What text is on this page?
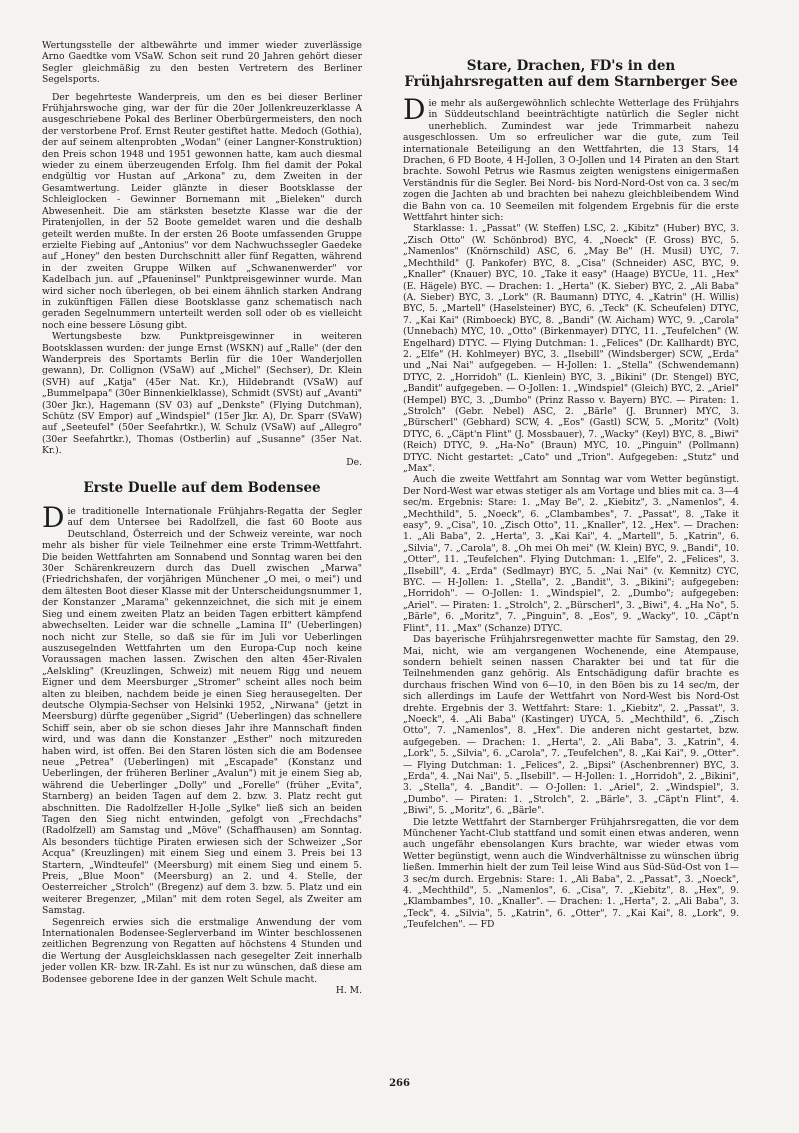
Wertungsstelle der altbewährte und immer wieder zuverlässige Arno Gaedtke vom VSaW. Schon seit rund 20 Jahren gehört dieser Segler gleichmäßig zu den besten Vertretern des Berliner Segelsports.

Der begehrteste Wanderpreis, um den es bei dieser Berliner Frühjahrswoche ging, war der für die 20er Jollenkreuzerklasse A ausgeschriebene Pokal des Berliner Oberbürgermeisters, den noch der verstorbene Prof. Ernst Reuter gestiftet hatte. Medoch (Gothia), der auf seinem altenprobten „Wodan" (einer Langner-Konstruktion) den Preis schon 1948 und 1951 gewonnen hatte, kam auch diesmal wieder zu einem überzeugenden Erfolg. Ihm fiel damit der Pokal endgültig vor Hustan auf „Arkona" zu, dem Zweiten in der Gesamtwertung. Leider glänzte in dieser Bootsklasse der Schleiglocken - Gewinner Bornemann mit „Bieleken" durch Abwesenheit. Die am stärksten besetzte Klasse war die der Piratenjollen, in der 52 Boote gemeldet waren und die deshalb geteilt werden mußte. In der ersten 26 Boote umfassenden Gruppe erzielte Fiebing auf „Antonius" vor dem Nachwuchssegler Gaedeke auf „Honey" den besten Durchschnitt aller fünf Regatten, während in der zweiten Gruppe Wilken auf „Schwanenwerder" vor Kadelbach jun. auf „Pfaueninsel" Punktpreisgewinner wurde. Man wird sicher noch überlegen, ob bei einem ähnlich starken Andrang in zukünftigen Fällen diese Bootsklasse ganz schematisch nach geraden Segelnummern unterteilt werden soll oder ob es vielleicht noch eine bessere Lösung gibt.

Wertungsbeste bzw. Punktpreisgewinner in weiteren Bootsklassen wurden: der junge Ernst (WSKN) auf „Ralle" (der den Wanderpreis des Sportamts Berlin für die 10er Wanderjollen gewann), Dr. Collignon (VSaW) auf „Michel" (Sechser), Dr. Klein (SVH) auf „Katja" (45er Nat. Kr.), Hildebrandt (VSaW) auf „Bummelpapa" (30er Binnenkielklasse), Schmidt (SVSt) auf „Avanti" (30er Jkr.), Hagemann (SV 03) auf „Denkste" (Flying Dutchman), Schütz (SV Empor) auf „Windspiel" (15er Jkr. A), Dr. Sparr (SVaW) auf „Seeteufel" (50er Seefahrtkr.), W. Schulz (VSaW) auf „Allegro" (30er Seefahrtkr.), Thomas (Ostberlin) auf „Susanne" (35er Nat. Kr.).

De.
Erste Duelle auf dem Bodensee

Die traditionelle Internationale Frühjahrs-Regatta der Segler auf dem Untersee bei Radolfzell, die fast 60 Boote aus Deutschland, Österreich und der Schweiz vereinte, war noch mehr als bisher für viele Teilnehmer eine erste Trimm-Wettfahrt. Die beiden Wettfahrten am Sonnabend und Sonntag waren bei den 30er Schärenkreuzern durch das Duell zwischen „Marwa" (Friedrichshafen, der vorjährigen Münchener „O mei, o mei") und dem ältesten Boot dieser Klasse mit der Unterscheidungsnummer 1, der Konstanzer „Marama" gekennzeichnet, die sich mit je einem Sieg und einem zweiten Platz an beiden Tagen erbittert kämpfend abwechselten. Leider war die schnelle „Lamina II" (Ueberlingen) noch nicht zur Stelle, so daß sie für im Juli vor Ueberlingen auszusegelnden Wettfahrten um den Europa-Cup noch keine Voraussagen machen lassen. Zwischen den alten 45er-Rivalen „Aelskling" (Kreuzlingen, Schweiz) mit neuem Rigg und neuem Eigner und dem Meersburger „Stromer" scheint alles noch beim alten zu bleiben, nachdem beide je einen Sieg herausegelten. Der deutsche Olympia-Sechser von Helsinki 1952, „Nirwana" (jetzt in Meersburg) dürfte gegenüber „Sigrid" (Ueberlingen) das schnellere Schiff sein, aber ob sie schon dieses Jahr ihre Mannschaft finden wird, und was dann die Konstanzer „Esther" noch mitzureden haben wird, ist offen. Bei den Staren lösten sich die am Bodensee neue „Petrea" (Ueberlingen) mit „Escapade" (Konstanz und Ueberlingen, der früheren Berliner „Avalun") mit je einem Sieg ab, während die Ueberlinger „Dolly" und „Forelle" (früher „Evita", Starnberg) an beiden Tagen auf dem 2. bzw. 3. Platz recht gut abschnitten. Die Radolfzeller H-Jolle „Sylke" ließ sich an beiden Tagen den Sieg nicht entwinden, gefolgt von „Frechdachs" (Radolfzell) am Samstag und „Möve" (Schaffhausen) am Sonntag. Als besonders tüchtige Piraten erwiesen sich der Schweizer „Sor Acqua" (Kreuzlingen) mit einem Sieg und einem 3. Preis bei 13 Startern, „Windteufel" (Meersburg) mit einem Sieg und einem 5. Preis, „Blue Moon" (Meersburg) an 2. und 4. Stelle, der Oesterreicher „Strolch" (Bregenz) auf dem 3. bzw. 5. Platz und ein weiterer Bregenzer, „Milan" mit dem roten Segel, als Zweiter am Samstag.

Segenreich erwies sich die erstmalige Anwendung der vom Internationalen Bodensee-Seglerverband im Winter beschlossenen zeitlichen Begrenzung von Regatten auf höchstens 4 Stunden und die Wertung der Ausgleichsklassen nach gesegelter Zeit innerhalb jeder vollen KR- bzw. IR-Zahl. Es ist nur zu wünschen, daß diese am Bodensee geborene Idee in der ganzen Welt Schule macht.

H. M.
Stare, Drachen, FD's in den Frühjahrsregatten auf dem Starnberger See

Die mehr als außergewöhnlich schlechte Wetterlage des Frühjahrs in Süddeutschland beeinträchtigte natürlich die Segler nicht unerheblich. Zumindest war jede Trimmarbeit nahezu ausgeschlossen. Um so erfreulicher war die gute, zum Teil internationale Beteiligung an den Wettfahrten, die 13 Stars, 14 Drachen, 6 FD Boote, 4 H-Jollen, 3 O-Jollen und 14 Piraten an den Start brachte. Sowohl Petrus wie Rasmus zeigten wenigstens einigermaßen Verständnis für die Segler. Bei Nord- bis Nord-Nord-Ost von ca. 3 sec/m zogen die Jachten ab und brachten bei nahezu gleichbleibendem Wind die Bahn von ca. 10 Seemeilen mit folgendem Ergebnis für die erste Wettfahrt hinter sich:

Starklasse: 1. „Passat" (W. Steffen) LSC, 2. „Kibitz" (Huber) BYC, 3. „Zisch Otto" (W. Schönbrod) BYC, 4. „Noeck" (F. Gross) BYC, 5. „Namenlos" (Knörnschild) ASC, 6. „May Be" (H. Musil) UYC, 7. „Mechthild" (J. Pankofer) BYC, 8. „Cisa" (Schneider) ASC, BYC, 9. „Knaller" (Knauer) BYC, 10. „Take it easy" (Haage) BYCUe, 11. „Hex" (E. Hägele) BYC. — Drachen: 1. „Herta" (K. Sieber) BYC, 2. „Ali Baba" (A. Sieber) BYC, 3. „Lork" (R. Baumann) DTYC, 4. „Katrin" (H. Willis) BYC, 5. „Martell" (Haselsteiner) BYC, 6. „Teck" (K. Scheufelen) DTYC, 7. „Kai Kai" (Rimboeck) BYC, 8. „Bandi" (W. Aicham) WYC, 9. „Carola" (Unnebach) MYC, 10. „Otto" (Birkenmayer) DTYC, 11. „Teufelchen" (W. Engelhard) DTYC. — Flying Dutchman: 1. „Felices" (Dr. Kallhardt) BYC, 2. „Elfe" (H. Kohlmeyer) BYC, 3. „Ilsebill" (Windsberger) SCW, „Erda" und „Nai Nai" aufgegeben. — H-Jollen: 1. „Stella" (Schwendemann) DTYC, 2. „Horridoh" (L. Kienlein) BYC, 3. „Bikini" (Dr. Stengel) BYC, „Bandit" aufgegeben. — O-Jollen: 1. „Windspiel" (Gleich) BYC, 2. „Ariel" (Hempel) BYC, 3. „Dumbo" (Prinz Rasso v. Bayern) BYC. — Piraten: 1. „Strolch" (Gebr. Nebel) ASC, 2. „Bärle" (J. Brunner) MYC, 3. „Bürscherl" (Gebhard) SCW, 4. „Eos" (Gastl) SCW, 5. „Moritz" (Volt) DTYC, 6. „Cäpt'n Flint" (J. Mossbauer), 7. „Wacky" (Keyl) BYC, 8. „Biwi" (Reich) DTYC, 9. „Ha-No" (Braun) MYC, 10. „Pinguin" (Pollmann) DTYC. Nicht gestartet: „Cato" und „Trion". Aufgegeben: „Stutz" und „Max".

Auch die zweite Wettfahrt am Sonntag war vom Wetter begünstigt. Der Nord-West war etwas stetiger als am Vortage und blies mit ca. 3—4 sec/m. Ergebnis: Stare: 1. „May Be", 2. „Kiebitz", 3. „Namenlos", 4. „Mechthild", 5. „Noeck", 6. „Clambambes", 7. „Passat", 8. „Take it easy", 9. „Cisa", 10. „Zisch Otto", 11. „Knaller", 12. „Hex". — Drachen: 1. „Ali Baba", 2. „Herta", 3. „Kai Kai", 4. „Martell", 5. „Katrin", 6. „Silvia", 7. „Carola", 8. „Oh mei Oh mei" (W. Klein) BYC, 9. „Bandi", 10. „Otter", 11. „Teufelchen". Flying Dutchman: 1. „Elfe", 2. „Felices", 3. „Ilsebill", 4. „Erda" (Sedlmayr) BYC, 5. „Nai Nai" (v. Kemnitz) CYC, BYC. — H-Jollen: 1. „Stella", 2. „Bandit", 3. „Bikini"; aufgegeben: „Horridoh". — O-Jollen: 1. „Windspiel", 2. „Dumbo"; aufgegeben: „Ariel". — Piraten: 1. „Strolch", 2. „Bürscherl", 3. „Biwi", 4. „Ha No", 5. „Bärle", 6. „Moritz", 7. „Pinguin", 8. „Eos", 9. „Wacky", 10. „Cäpt'n Flint", 11. „Max" (Schanze) DTYC.

Das bayerische Frühjahrsregenwetter machte für Samstag, den 29. Mai, nicht, wie am vergangenen Wochenende, eine Atempause, sondern behielt seinen nassen Charakter bei und tat für die Teilnehmenden ganz gehörig. Als Entschädigung dafür brachte es durchaus frischen Wind von 6—10, in den Böen bis zu 14 sec/m, der sich allerdings im Laufe der Wettfahrt von Nord-West bis Nord-Ost drehte. Ergebnis der 3. Wettfahrt: Stare: 1. „Kiebitz", 2. „Passat", 3. „Noeck", 4. „Ali Baba" (Kastinger) UYCA, 5. „Mechthild", 6. „Zisch Otto", 7. „Namenlos", 8. „Hex". Die anderen nicht gestartet, bzw. aufgegeben. — Drachen: 1. „Herta", 2. „Ali Baba", 3. „Katrin", 4. „Lork", 5. „Silvia", 6. „Carola", 7. „Teufelchen", 8. „Kai Kai", 9. „Otter". — Flying Dutchman: 1. „Felices", 2. „Bipsi" (Aschenbrenner) BYC, 3. „Erda", 4. „Nai Nai", 5. „Ilsebill". — H-Jollen: 1. „Horridoh", 2. „Bikini", 3. „Stella", 4. „Bandit". — O-Jollen: 1. „Ariel", 2. „Windspiel", 3. „Dumbo". — Piraten: 1. „Strolch", 2. „Bärle", 3. „Cäpt'n Flint", 4. „Biwi", 5. „Moritz", 6. „Bärle".

Die letzte Wettfahrt der Starnberger Frühjahrsregatten, die vor dem Münchener Yacht-Club stattfand und somit einen etwas anderen, wenn auch ungefähr ebensolangen Kurs brachte, war wieder etwas vom Wetter begünstigt, wenn auch die Windverhältnisse zu wünschen übrig ließen. Immerhin hielt der zum Teil leise Wind aus Süd-Süd-Ost von 1—3 sec/m durch. Ergebnis: Stare: 1. „Ali Baba", 2. „Passat", 3. „Noeck", 4. „Mechthild", 5. „Namenlos", 6. „Cisa", 7. „Kiebitz", 8. „Hex", 9. „Klambambes", 10. „Knaller". — Drachen: 1. „Herta", 2. „Ali Baba", 3. „Teck", 4. „Silvia", 5. „Katrin", 6. „Otter", 7. „Kai Kai", 8. „Lork", 9. „Teufelchen". — FD

266
